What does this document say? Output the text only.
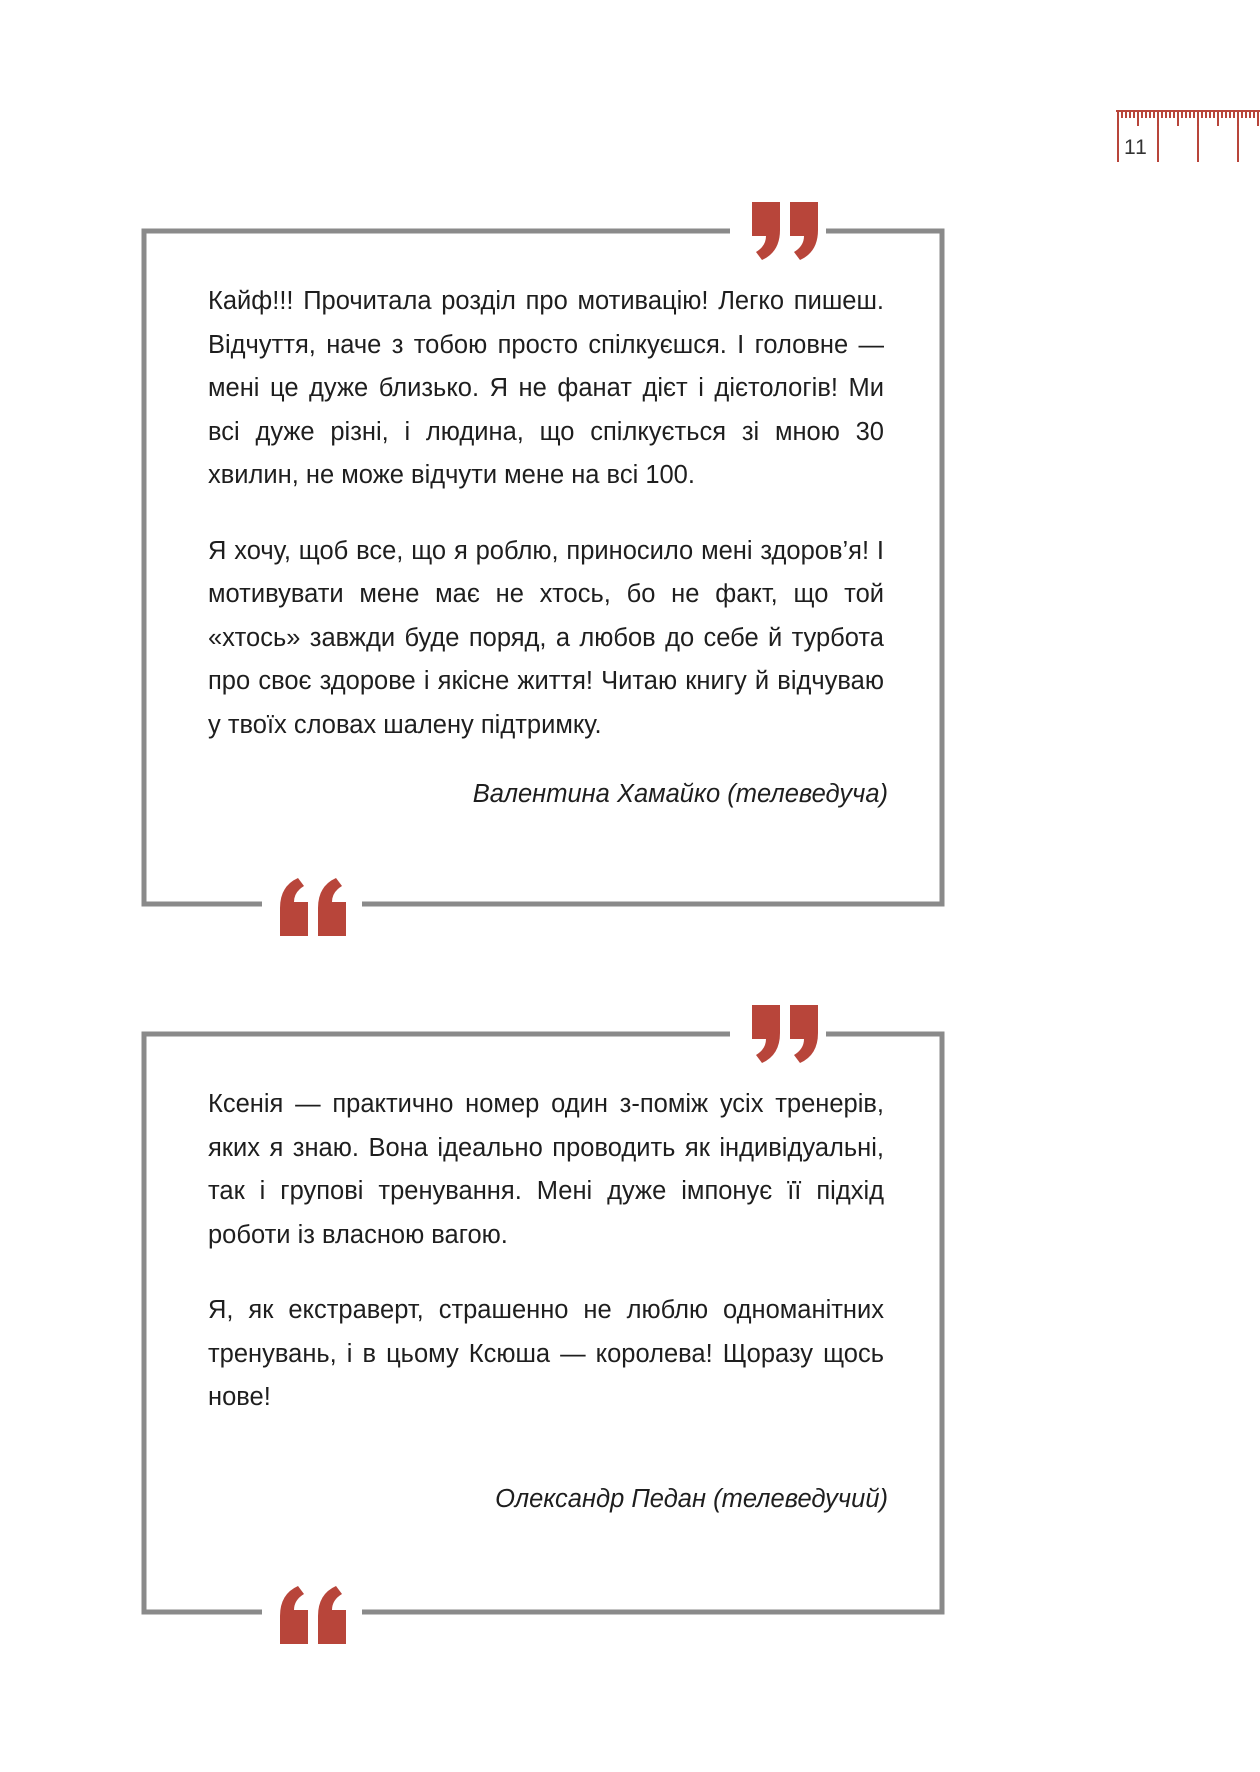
11

Кайф!!! Прочитала розділ про мотивацію! Легко пишеш. Відчуття, наче з тобою просто спілкуєшся. І головне — мені це дуже близько. Я не фанат дієт і дієтологів! Ми всі дуже різні, і людина, що спілкується зі мною 30 хвилин, не може відчути мене на всі 100.

Я хочу, щоб все, що я роблю, приносило мені здоров’я! І мотивувати мене має не хтось, бо не факт, що той «хтось» завжди буде поряд, а любов до себе й турбота про своє здорове і якісне життя! Читаю книгу й відчуваю у твоїх словах шалену підтримку.

Валентина Хамайко (телеведуча)

Ксенія — практично номер один з-поміж усіх тренерів, яких я знаю. Вона ідеально проводить як індивідуальні, так і групові тренування. Мені дуже імпонує її підхід роботи із власною вагою.

Я, як екстраверт, страшенно не люблю одноманітних тренувань, і в цьому Ксюша — королева! Щоразу щось нове!

Олександр Педан (телеведучий)
